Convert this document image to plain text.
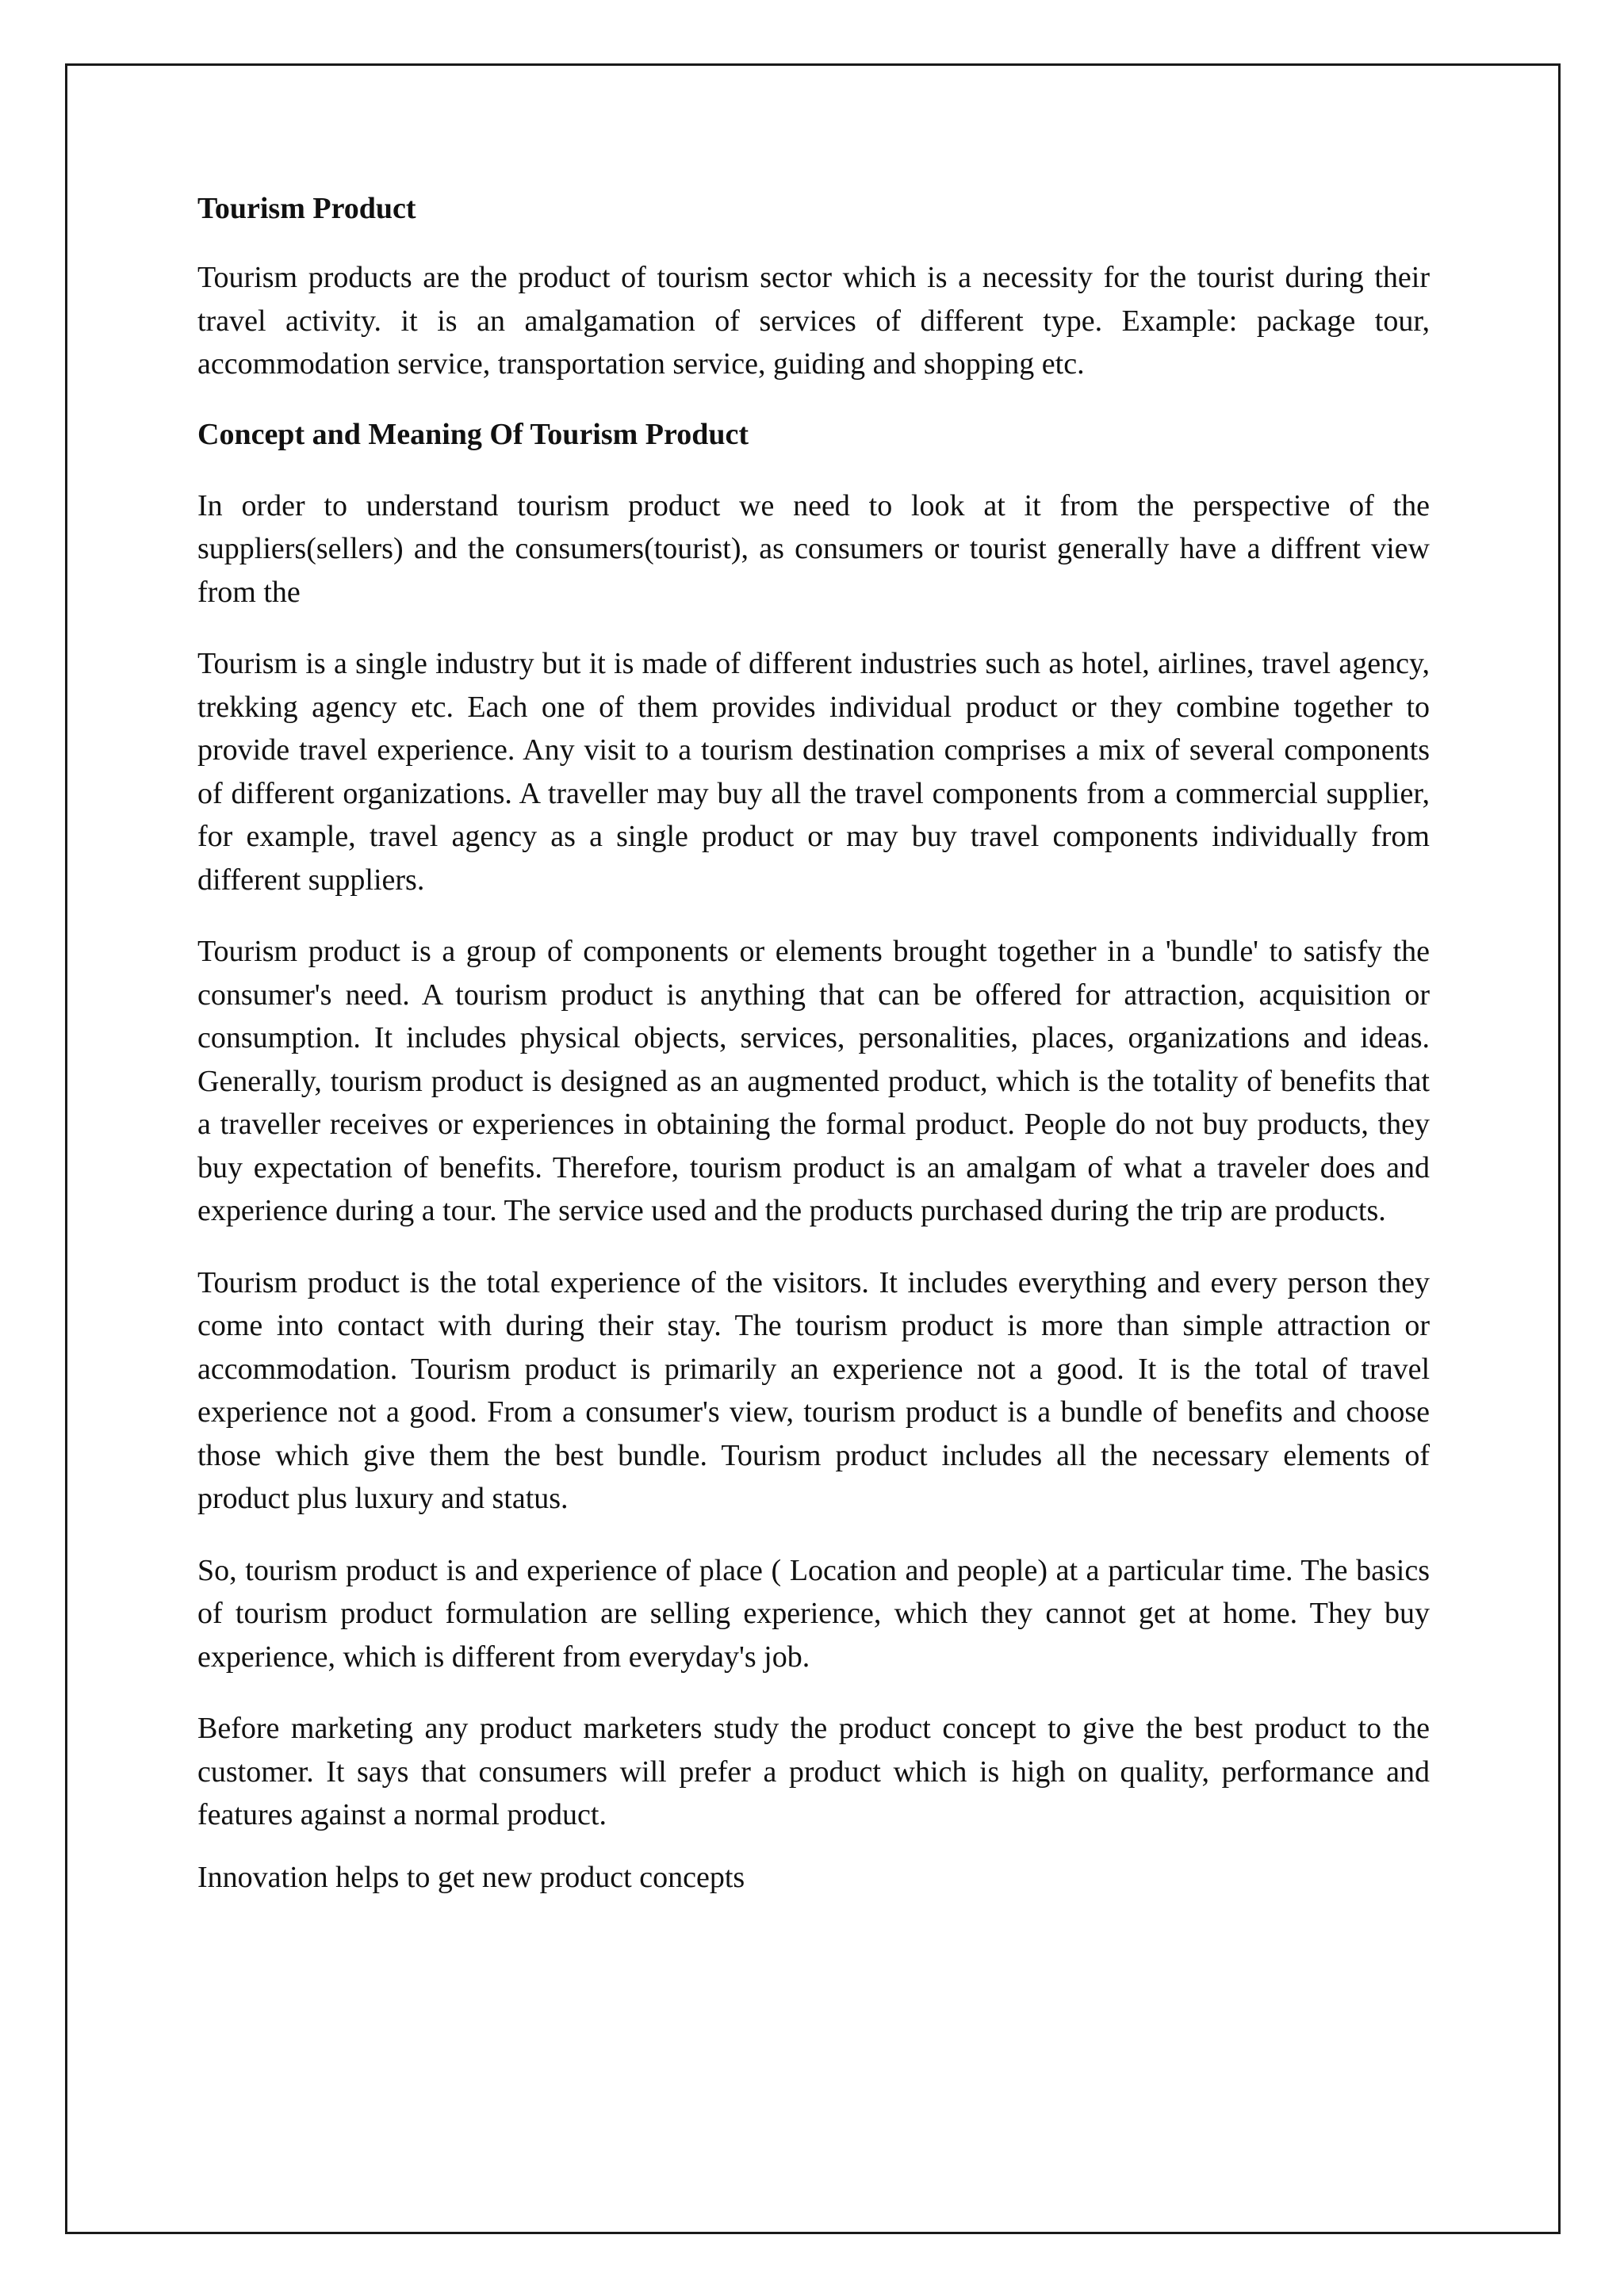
Tourism Product

Tourism products are the product of tourism sector which is a necessity for the tourist during their travel activity. it is an amalgamation of services of different type. Example: package tour, accommodation service, transportation service, guiding and shopping etc.

Concept and Meaning Of Tourism Product

In order to understand tourism product we need to look at it from the perspective of the suppliers(sellers) and the consumers(tourist), as consumers or tourist generally have a diffrent view from the

Tourism is a single industry but it is made of different industries such as hotel, airlines, travel agency, trekking agency etc. Each one of them provides individual product or they combine together to provide travel experience. Any visit to a tourism destination comprises a mix of several components of different organizations. A traveller may buy all the travel components from a commercial supplier, for example, travel agency as a single product or may buy travel components individually from different suppliers.

Tourism product is a group of components or elements brought together in a 'bundle' to satisfy the consumer's need. A tourism product is anything that can be offered for attraction, acquisition or consumption. It includes physical objects, services, personalities, places, organizations and ideas. Generally, tourism product is designed as an augmented product, which is the totality of benefits that a traveller receives or experiences in obtaining the formal product. People do not buy products, they buy expectation of benefits. Therefore, tourism product is an amalgam of what a traveler does and experience during a tour. The service used and the products purchased during the trip are products.

Tourism product is the total experience of the visitors. It includes everything and every person they come into contact with during their stay. The tourism product is more than simple attraction or accommodation. Tourism product is primarily an experience not a good. It is the total of travel experience not a good. From a consumer's view, tourism product is a bundle of benefits and choose those which give them the best bundle. Tourism product includes all the necessary elements of product plus luxury and status.

So, tourism product is and experience of place ( Location and people) at a particular time. The basics of tourism product formulation are selling experience, which they cannot get at home. They buy experience, which is different from everyday's job.

Before marketing any product marketers study the product concept to give the best product to the customer. It says that consumers will prefer a product which is high on quality, performance and features against a normal product.

Innovation helps to get new product concepts
